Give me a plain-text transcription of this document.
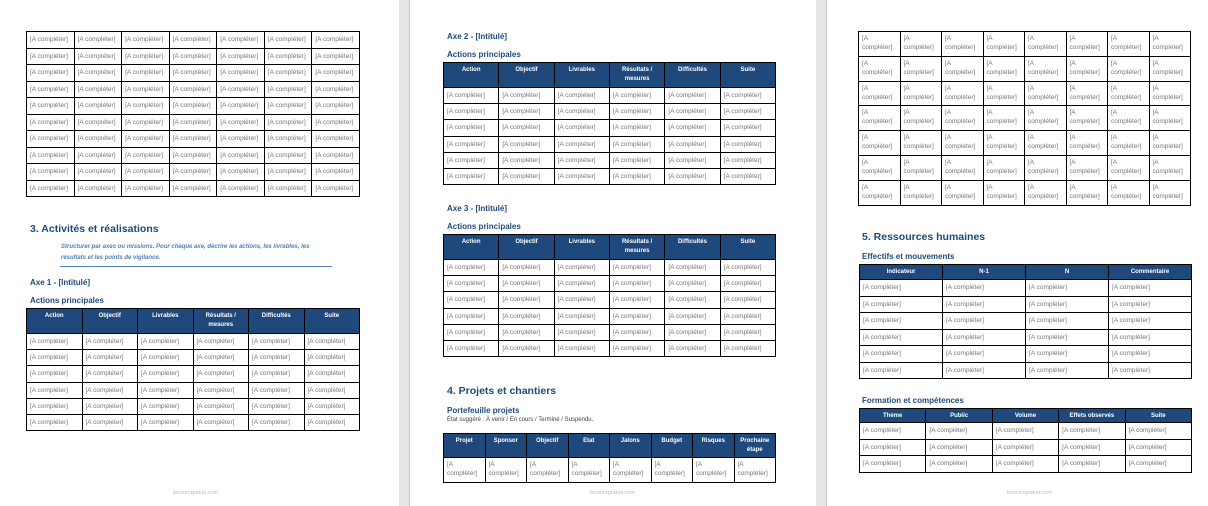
[A compléter]	[A compléter]	[A compléter]	[A compléter]	[A compléter]	[A compléter]	[A compléter]
[A compléter]	[A compléter]	[A compléter]	[A compléter]	[A compléter]	[A compléter]	[A compléter]
[A compléter]	[A compléter]	[A compléter]	[A compléter]	[A compléter]	[A compléter]	[A compléter]
[A compléter]	[A compléter]	[A compléter]	[A compléter]	[A compléter]	[A compléter]	[A compléter]
[A compléter]	[A compléter]	[A compléter]	[A compléter]	[A compléter]	[A compléter]	[A compléter]
[A compléter]	[A compléter]	[A compléter]	[A compléter]	[A compléter]	[A compléter]	[A compléter]
[A compléter]	[A compléter]	[A compléter]	[A compléter]	[A compléter]	[A compléter]	[A compléter]
[A compléter]	[A compléter]	[A compléter]	[A compléter]	[A compléter]	[A compléter]	[A compléter]
[A compléter]	[A compléter]	[A compléter]	[A compléter]	[A compléter]	[A compléter]	[A compléter]
[A compléter]	[A compléter]	[A compléter]	[A compléter]	[A compléter]	[A compléter]	[A compléter]
3. Activités et réalisations
Structurer par axes ou missions. Pour chaque axe, décrire les actions, les livrables, les
résultats et les points de vigilance.
Axe 1 - [Intitulé]
Actions principales
Action	Objectif	Livrables	Résultats / mesures	Difficultés	Suite
[A compléter]	[A compléter]	[A compléter]	[A compléter]	[A compléter]	[A compléter]
[A compléter]	[A compléter]	[A compléter]	[A compléter]	[A compléter]	[A compléter]
[A compléter]	[A compléter]	[A compléter]	[A compléter]	[A compléter]	[A compléter]
[A compléter]	[A compléter]	[A compléter]	[A compléter]	[A compléter]	[A compléter]
[A compléter]	[A compléter]	[A compléter]	[A compléter]	[A compléter]	[A compléter]
[A compléter]	[A compléter]	[A compléter]	[A compléter]	[A compléter]	[A compléter]
lecoursgratuit.com
Axe 2 - [Intitulé]
Actions principales
Action	Objectif	Livrables	Résultats / mesures	Difficultés	Suite
[A compléter]	[A compléter]	[A compléter]	[A compléter]	[A compléter]	[A compléter]
[A compléter]	[A compléter]	[A compléter]	[A compléter]	[A compléter]	[A compléter]
[A compléter]	[A compléter]	[A compléter]	[A compléter]	[A compléter]	[A compléter]
[A compléter]	[A compléter]	[A compléter]	[A compléter]	[A compléter]	[A compléter]
[A compléter]	[A compléter]	[A compléter]	[A compléter]	[A compléter]	[A compléter]
[A compléter]	[A compléter]	[A compléter]	[A compléter]	[A compléter]	[A compléter]
Axe 3 - [Intitulé]
Actions principales
Action	Objectif	Livrables	Résultats / mesures	Difficultés	Suite
[A compléter]	[A compléter]	[A compléter]	[A compléter]	[A compléter]	[A compléter]
[A compléter]	[A compléter]	[A compléter]	[A compléter]	[A compléter]	[A compléter]
[A compléter]	[A compléter]	[A compléter]	[A compléter]	[A compléter]	[A compléter]
[A compléter]	[A compléter]	[A compléter]	[A compléter]	[A compléter]	[A compléter]
[A compléter]	[A compléter]	[A compléter]	[A compléter]	[A compléter]	[A compléter]
[A compléter]	[A compléter]	[A compléter]	[A compléter]	[A compléter]	[A compléter]
4. Projets et chantiers
Portefeuille projets
État suggéré : À venir / En cours / Terminé / Suspendu.
Projet	Sponsor	Objectif	Etat	Jalons	Budget	Risques	Prochaine étape
[A compléter]	[A compléter]	[A compléter]	[A compléter]	[A compléter]	[A compléter]	[A compléter]	[A compléter]
lecoursgratuit.com
[A compléter]	[A compléter]	[A compléter]	[A compléter]	[A compléter]	[A compléter]	[A compléter]	[A compléter]
[A compléter]	[A compléter]	[A compléter]	[A compléter]	[A compléter]	[A compléter]	[A compléter]	[A compléter]
[A compléter]	[A compléter]	[A compléter]	[A compléter]	[A compléter]	[A compléter]	[A compléter]	[A compléter]
[A compléter]	[A compléter]	[A compléter]	[A compléter]	[A compléter]	[A compléter]	[A compléter]	[A compléter]
[A compléter]	[A compléter]	[A compléter]	[A compléter]	[A compléter]	[A compléter]	[A compléter]	[A compléter]
[A compléter]	[A compléter]	[A compléter]	[A compléter]	[A compléter]	[A compléter]	[A compléter]	[A compléter]
[A compléter]	[A compléter]	[A compléter]	[A compléter]	[A compléter]	[A compléter]	[A compléter]	[A compléter]
5. Ressources humaines
Effectifs et mouvements
Indicateur	N-1	N	Commentaire
[A compléter]	[A compléter]	[A compléter]	[A compléter]
[A compléter]	[A compléter]	[A compléter]	[A compléter]
[A compléter]	[A compléter]	[A compléter]	[A compléter]
[A compléter]	[A compléter]	[A compléter]	[A compléter]
[A compléter]	[A compléter]	[A compléter]	[A compléter]
[A compléter]	[A compléter]	[A compléter]	[A compléter]
Formation et compétences
Thème	Public	Volume	Effets observés	Suite
[A compléter]	[A compléter]	[A compléter]	[A compléter]	[A compléter]
[A compléter]	[A compléter]	[A compléter]	[A compléter]	[A compléter]
[A compléter]	[A compléter]	[A compléter]	[A compléter]	[A compléter]
lecoursgratuit.com
